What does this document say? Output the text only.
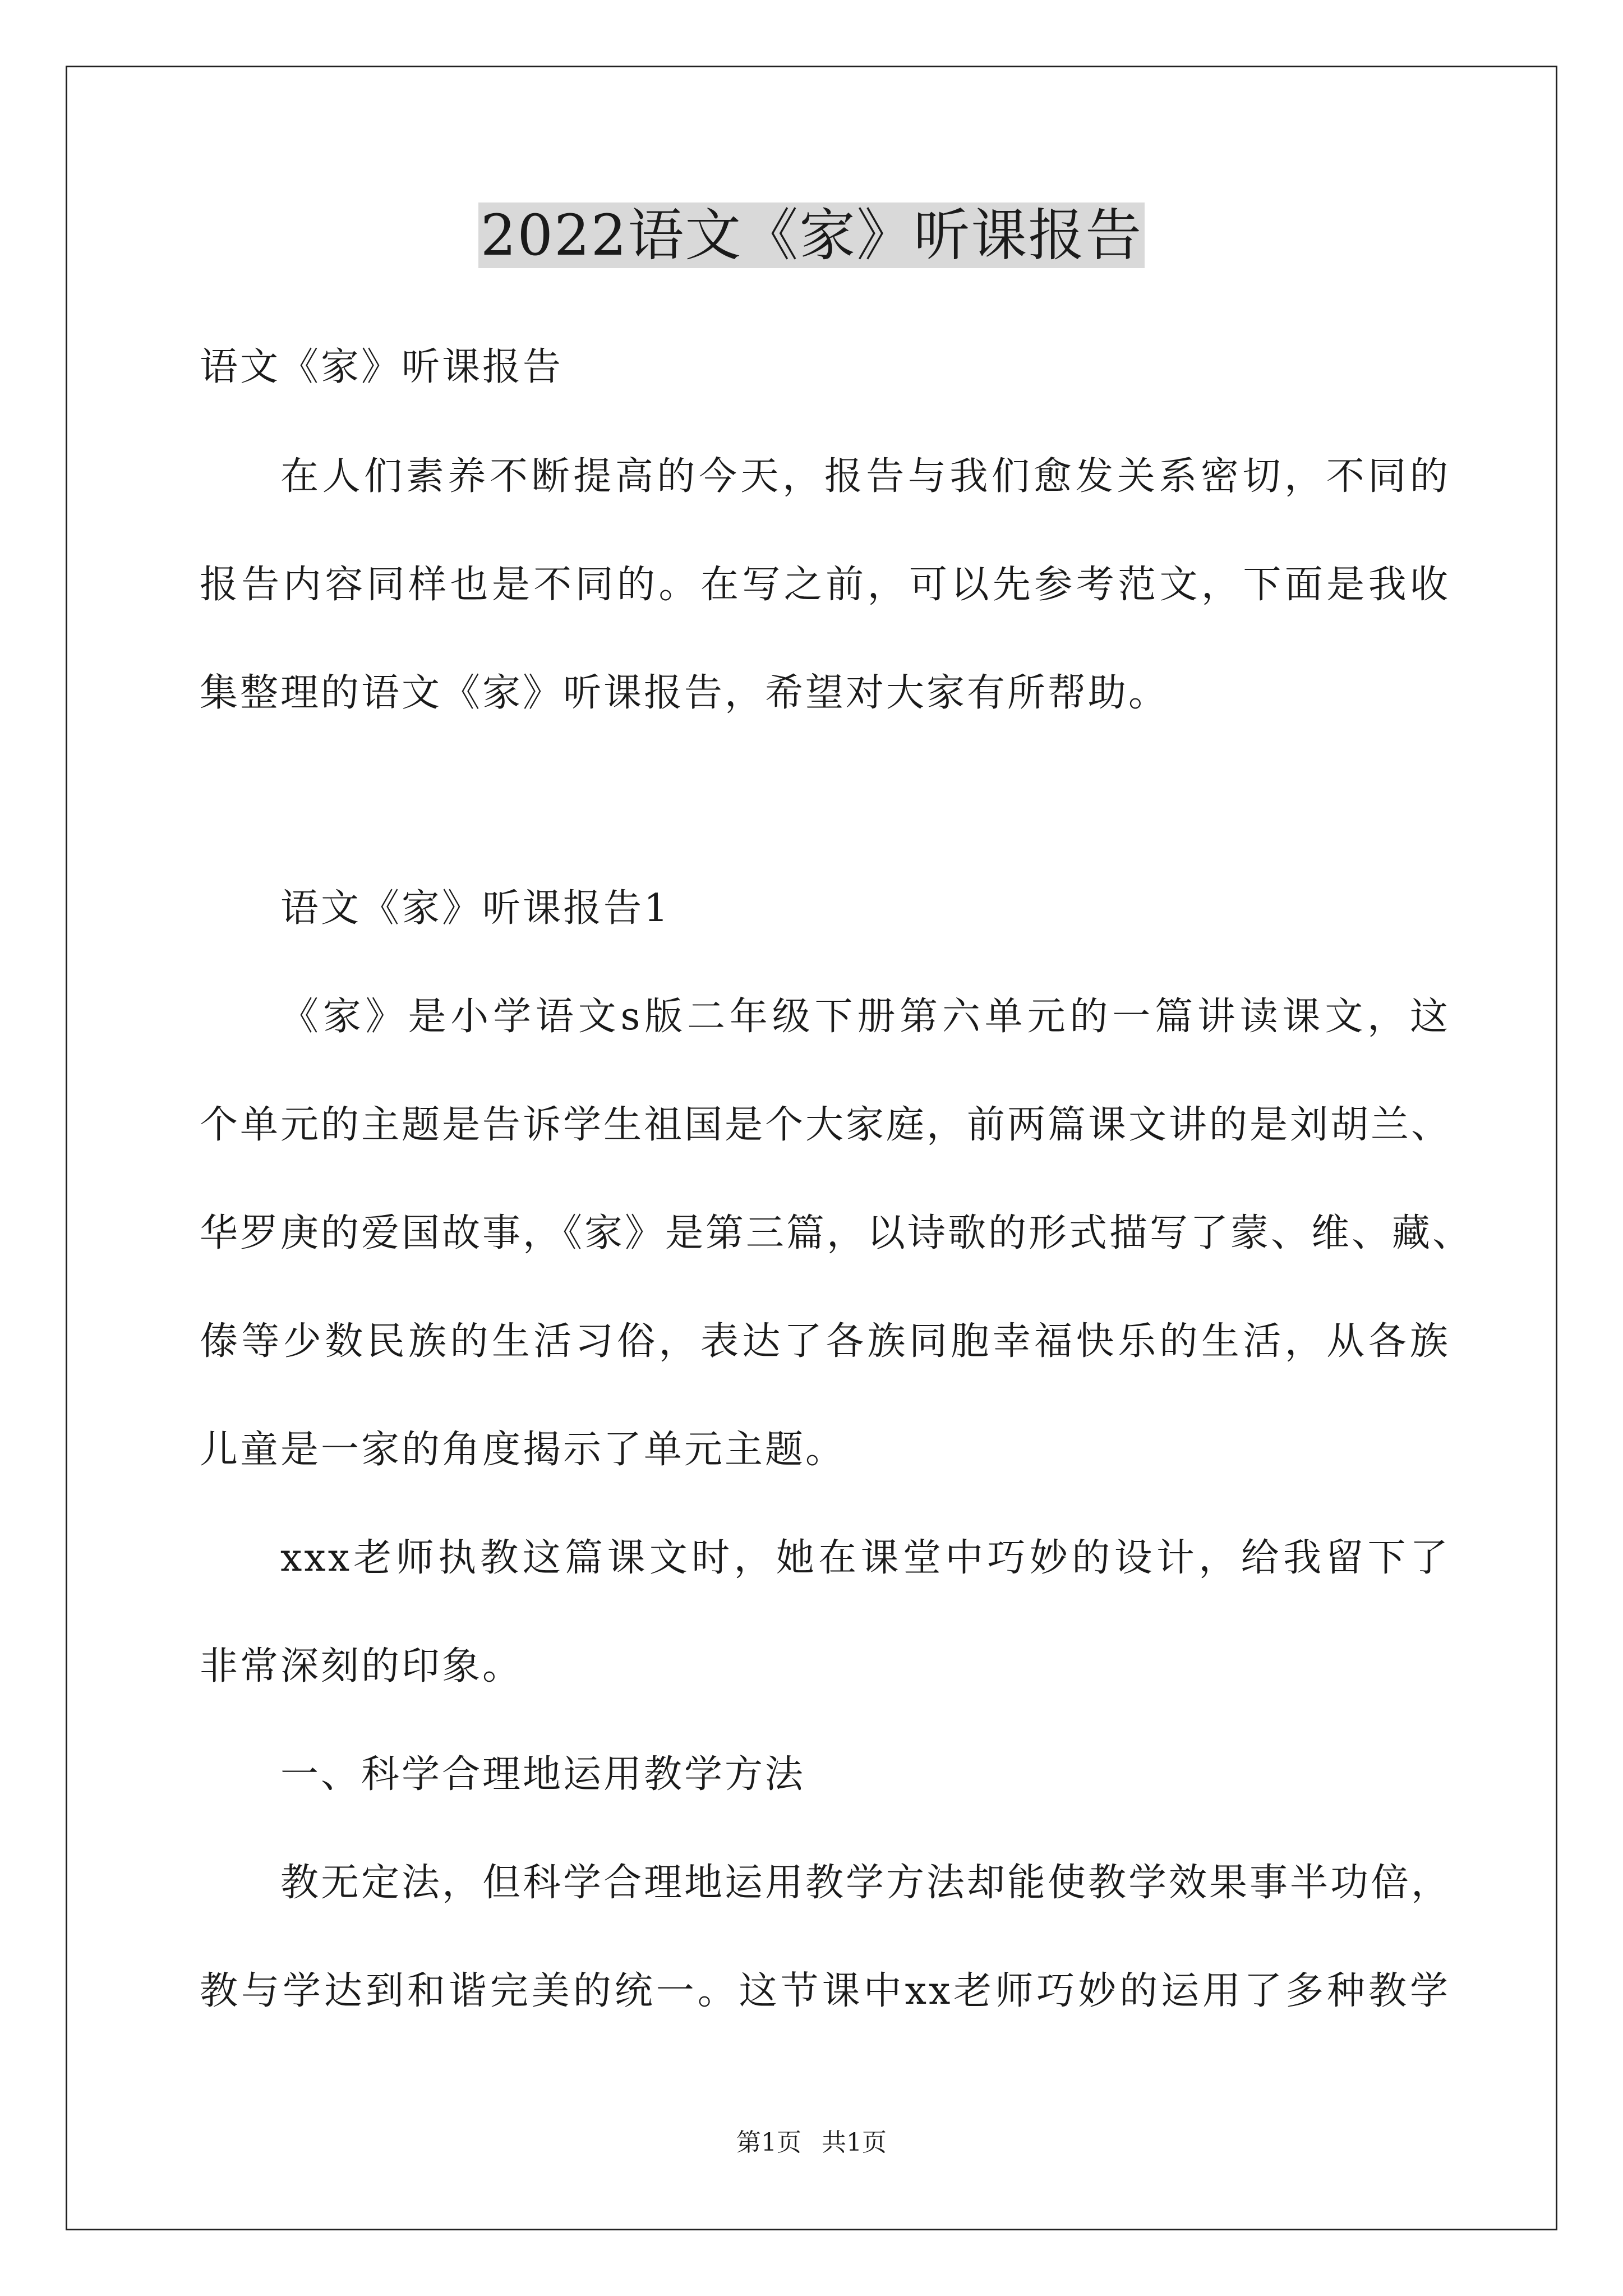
2022语文《家》听课报告
语文《家》听课报告
在人们素养不断提高的今天，报告与我们愈发关系密切，不同的
报告内容同样也是不同的。在写之前，可以先参考范文，下面是我收
集整理的语文《家》听课报告，希望对大家有所帮助。
语文《家》听课报告1
《家》是小学语文s版二年级下册第六单元的一篇讲读课文，这
个单元的主题是告诉学生祖国是个大家庭，前两篇课文讲的是刘胡兰、
华罗庚的爱国故事，《家》是第三篇，以诗歌的形式描写了蒙、维、藏、
傣等少数民族的生活习俗，表达了各族同胞幸福快乐的生活，从各族
儿童是一家的角度揭示了单元主题。
xxx老师执教这篇课文时，她在课堂中巧妙的设计，给我留下了
非常深刻的印象。
一、科学合理地运用教学方法
教无定法，但科学合理地运用教学方法却能使教学效果事半功倍，
教与学达到和谐完美的统一。这节课中xx老师巧妙的运用了多种教学
第1页 共1页
